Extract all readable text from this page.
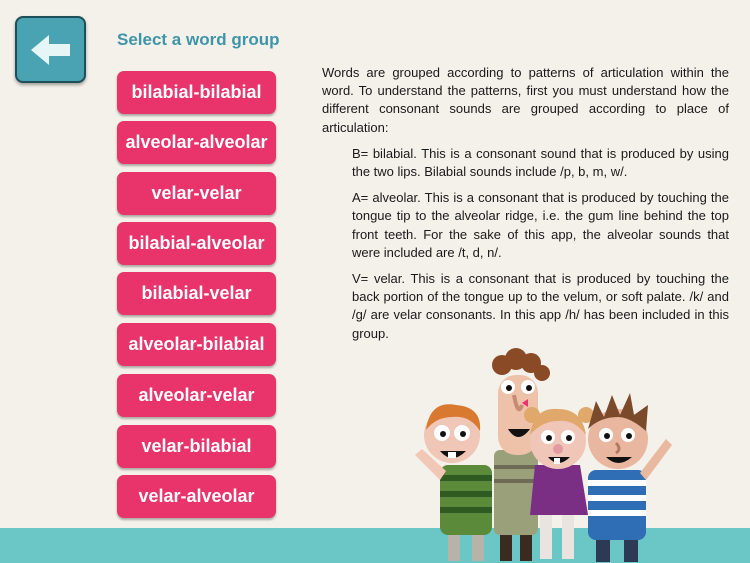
Select a word group
bilabial-bilabial
alveolar-alveolar
velar-velar
bilabial-alveolar
bilabial-velar
alveolar-bilabial
alveolar-velar
velar-bilabial
velar-alveolar

Words are grouped according to patterns of articulation within the word. To understand the patterns, first you must understand how the different consonant sounds are grouped according to place of articulation:

B= bilabial. This is a consonant sound that is produced by using the two lips. Bilabial sounds include /p, b, m, w/.

A= alveolar. This is a consonant that is produced by touching the tongue tip to the alveolar ridge, i.e. the gum line behind the top front teeth. For the sake of this app, the alveolar sounds that were included are /t, d, n/.

V= velar. This is a consonant that is produced by touching the back portion of the tongue up to the velum, or soft palate. /k/ and /g/ are velar consonants. In this app /h/ has been included in this group.
